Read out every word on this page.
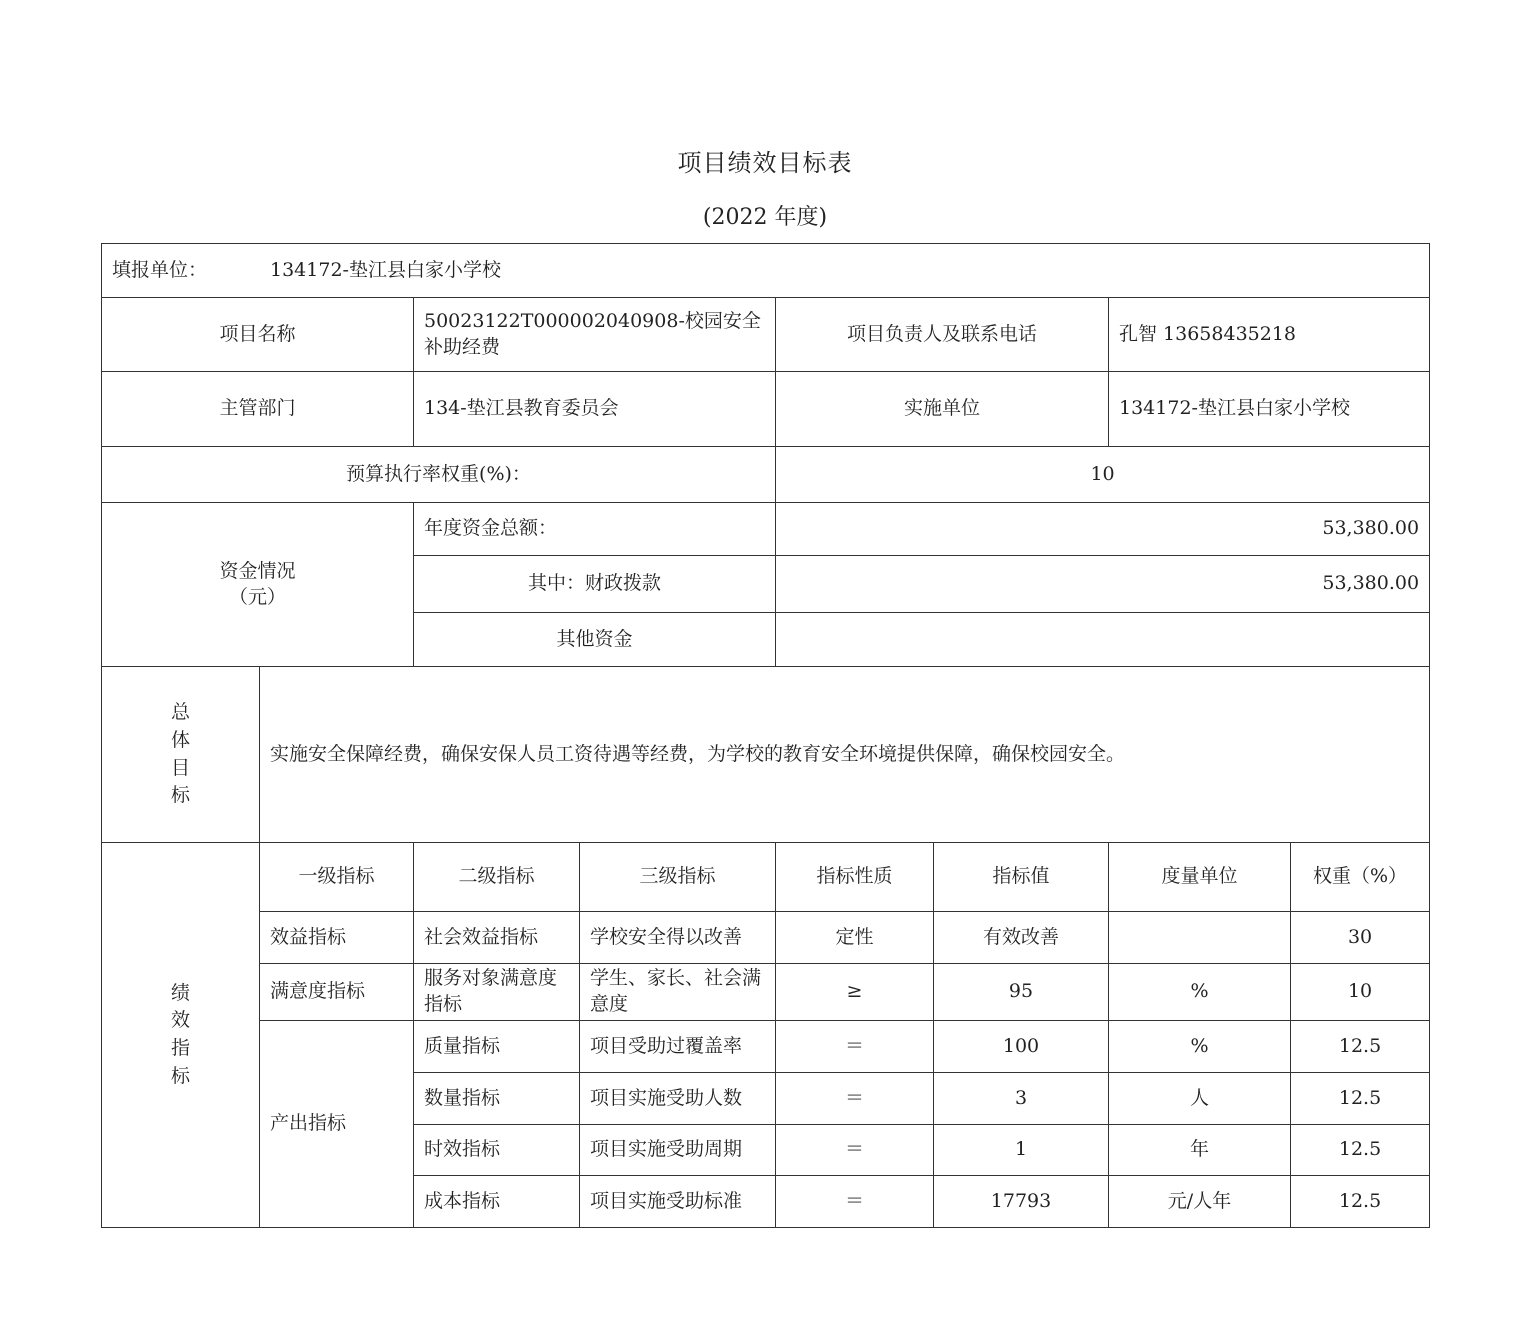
项目绩效目标表
(2022 年度)
填报单位： 134172-垫江县白家小学校							
项目名称		50023122T000002040908-校园安全补助经费		项目负责人及联系电话		孔智 13658435218	
主管部门		134-垫江县教育委员会		实施单位		134172-垫江县白家小学校	
预算执行率权重(%)：				10			
资金情况
（元）		年度资金总额：		53,380.00			
		其中：财政拨款		53,380.00			
		其他资金					

总
体
目
标	实施安全保障经费，确保安保人员工资待遇等经费，为学校的教育安全环境提供保障，确保校园安全。						

绩
效
指
标	一级指标	二级指标	三级指标	指标性质	指标值	度量单位	权重（%）
	效益指标	社会效益指标	学校安全得以改善	定性	有效改善		30
	满意度指标	服务对象满意度指标	学生、家长、社会满意度	≥	95	%	10
	产出指标	质量指标	项目受助过覆盖率	＝	100	%	12.5
		数量指标	项目实施受助人数	＝	3	人	12.5
		时效指标	项目实施受助周期	＝	1	年	12.5
		成本指标	项目实施受助标准	＝	17793	元/人年	12.5
